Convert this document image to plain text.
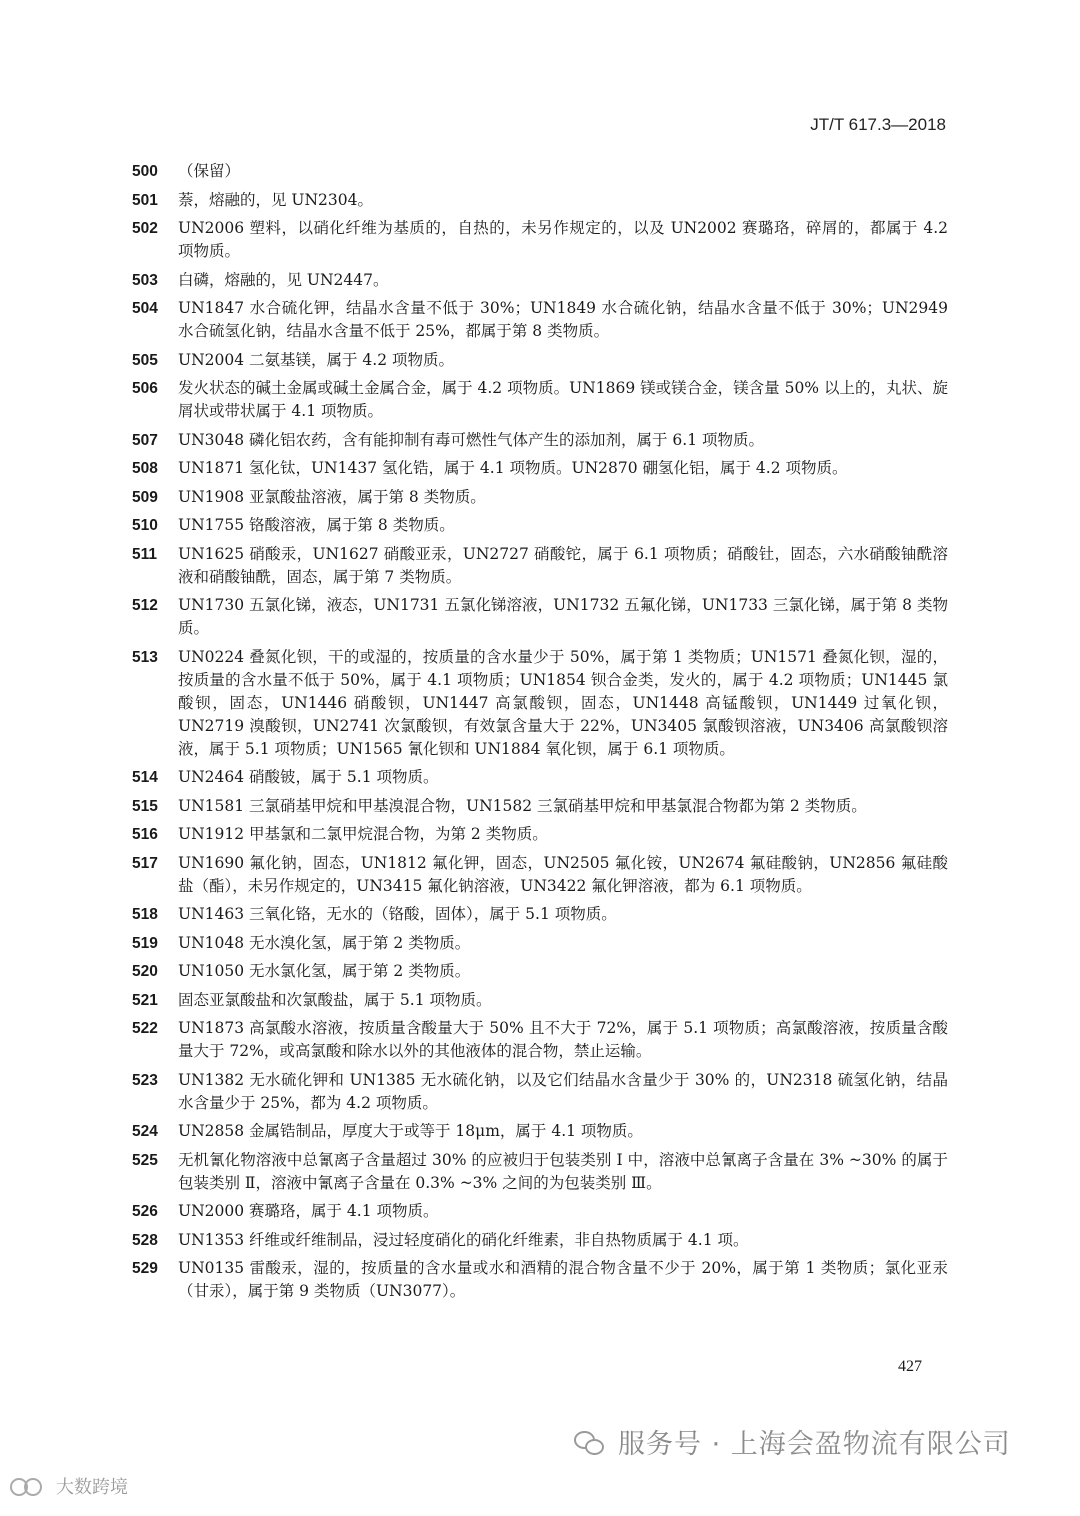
JT/T 617.3—2018
500 （保留）
501 萘，熔融的，见 UN2304。
502 UN2006 塑料，以硝化纤维为基质的，自热的，未另作规定的，以及 UN2002 赛璐珞，碎屑的，都属于 4.2 项物质。
503 白磷，熔融的，见 UN2447。
504 UN1847 水合硫化钾，结晶水含量不低于 30%；UN1849 水合硫化钠，结晶水含量不低于 30%；UN2949 水合硫氢化钠，结晶水含量不低于 25%，都属于第 8 类物质。
505 UN2004 二氨基镁，属于 4.2 项物质。
506 发火状态的碱土金属或碱土金属合金，属于 4.2 项物质。UN1869 镁或镁合金，镁含量 50% 以上的，丸状、旋屑状或带状属于 4.1 项物质。
507 UN3048 磷化铝农药，含有能抑制有毒可燃性气体产生的添加剂，属于 6.1 项物质。
508 UN1871 氢化钛，UN1437 氢化锆，属于 4.1 项物质。UN2870 硼氢化铝，属于 4.2 项物质。
509 UN1908 亚氯酸盐溶液，属于第 8 类物质。
510 UN1755 铬酸溶液，属于第 8 类物质。
511 UN1625 硝酸汞，UN1627 硝酸亚汞，UN2727 硝酸铊，属于 6.1 项物质；硝酸钍，固态，六水硝酸铀酰溶液和硝酸铀酰，固态，属于第 7 类物质。
512 UN1730 五氯化锑，液态，UN1731 五氯化锑溶液，UN1732 五氟化锑，UN1733 三氯化锑，属于第 8 类物质。
513 UN0224 叠氮化钡，干的或湿的，按质量的含水量少于 50%，属于第 1 类物质；UN1571 叠氮化钡，湿的，按质量的含水量不低于 50%，属于 4.1 项物质；UN1854 钡合金类，发火的，属于 4.2 项物质；UN1445 氯酸钡，固态，UN1446 硝酸钡，UN1447 高氯酸钡，固态，UN1448 高锰酸钡，UN1449 过氧化钡，UN2719 溴酸钡，UN2741 次氯酸钡，有效氯含量大于 22%，UN3405 氯酸钡溶液，UN3406 高氯酸钡溶液，属于 5.1 项物质；UN1565 氰化钡和 UN1884 氧化钡，属于 6.1 项物质。
514 UN2464 硝酸铍，属于 5.1 项物质。
515 UN1581 三氯硝基甲烷和甲基溴混合物，UN1582 三氯硝基甲烷和甲基氯混合物都为第 2 类物质。
516 UN1912 甲基氯和二氯甲烷混合物，为第 2 类物质。
517 UN1690 氟化钠，固态，UN1812 氟化钾，固态，UN2505 氟化铵，UN2674 氟硅酸钠，UN2856 氟硅酸盐（酯），未另作规定的，UN3415 氟化钠溶液，UN3422 氟化钾溶液，都为 6.1 项物质。
518 UN1463 三氧化铬，无水的（铬酸，固体），属于 5.1 项物质。
519 UN1048 无水溴化氢，属于第 2 类物质。
520 UN1050 无水氯化氢，属于第 2 类物质。
521 固态亚氯酸盐和次氯酸盐，属于 5.1 项物质。
522 UN1873 高氯酸水溶液，按质量含酸量大于 50% 且不大于 72%，属于 5.1 项物质；高氯酸溶液，按质量含酸量大于 72%，或高氯酸和除水以外的其他液体的混合物，禁止运输。
523 UN1382 无水硫化钾和 UN1385 无水硫化钠，以及它们结晶水含量少于 30% 的，UN2318 硫氢化钠，结晶水含量少于 25%，都为 4.2 项物质。
524 UN2858 金属锆制品，厚度大于或等于 18μm，属于 4.1 项物质。
525 无机氰化物溶液中总氰离子含量超过 30% 的应被归于包装类别 Ⅰ 中，溶液中总氰离子含量在 3% ~30% 的属于包装类别 Ⅱ，溶液中氰离子含量在 0.3% ~3% 之间的为包装类别 Ⅲ。
526 UN2000 赛璐珞，属于 4.1 项物质。
528 UN1353 纤维或纤维制品，浸过轻度硝化的硝化纤维素，非自热物质属于 4.1 项。
529 UN0135 雷酸汞，湿的，按质量的含水量或水和酒精的混合物含量不少于 20%，属于第 1 类物质；氯化亚汞（甘汞），属于第 9 类物质（UN3077）。
427
服务号 · 上海会盈物流有限公司
大数跨境
